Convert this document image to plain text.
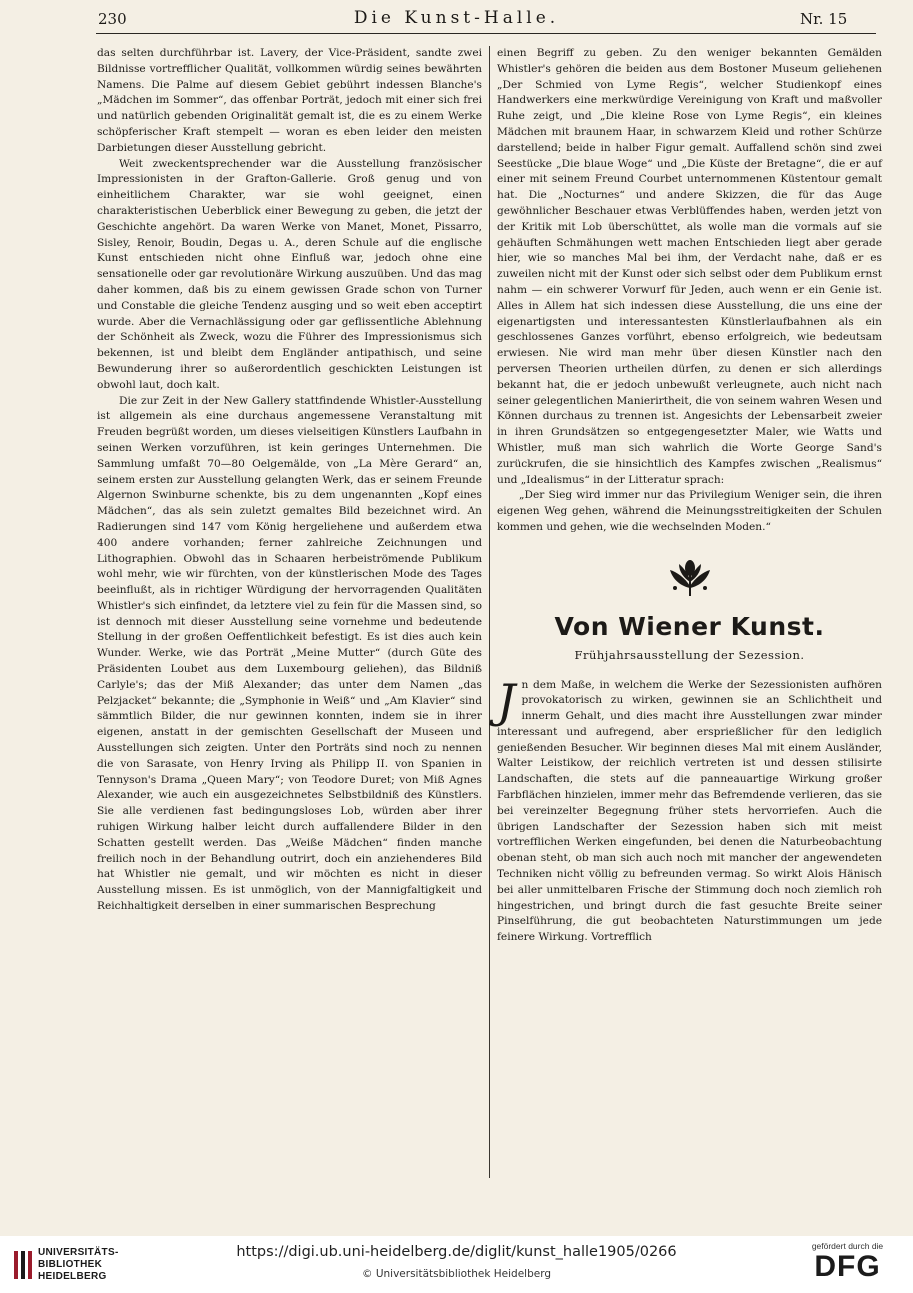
230	Die Kunst-Halle.	Nr. 15

das selten durchführbar ist. Lavery, der Vice-Präsident, sandte zwei Bildnisse vortrefflicher Qualität, vollkommen würdig seines bewährten Namens. Die Palme auf diesem Gebiet gebührt indessen Blanche's „Mädchen im Sommer“, das offenbar Porträt, jedoch mit einer sich frei und natürlich gebenden Originalität gemalt ist, die es zu einem Werke schöpferischer Kraft stempelt — woran es eben leider den meisten Darbietungen dieser Ausstellung gebricht.

Weit zweckentsprechender war die Ausstellung französischer Impressionisten in der Grafton-Gallerie. Groß genug und von einheitlichem Charakter, war sie wohl geeignet, einen charakteristischen Ueberblick einer Bewegung zu geben, die jetzt der Geschichte angehört. Da waren Werke von Manet, Monet, Pissarro, Sisley, Renoir, Boudin, Degas u. A., deren Schule auf die englische Kunst entschieden nicht ohne Einfluß war, jedoch ohne eine sensationelle oder gar revolutionäre Wirkung auszuüben. Und das mag daher kommen, daß bis zu einem gewissen Grade schon von Turner und Constable die gleiche Tendenz ausging und so weit eben acceptirt wurde. Aber die Vernachlässigung oder gar geflissentliche Ablehnung der Schönheit als Zweck, wozu die Führer des Impressionismus sich bekennen, ist und bleibt dem Engländer antipathisch, und seine Bewunderung ihrer so außerordentlich geschickten Leistungen ist obwohl laut, doch kalt.

Die zur Zeit in der New Gallery stattfindende Whistler-Ausstellung ist allgemein als eine durchaus angemessene Veranstaltung mit Freuden begrüßt worden, um dieses vielseitigen Künstlers Laufbahn in seinen Werken vorzuführen, ist kein geringes Unternehmen. Die Sammlung umfaßt 70—80 Oelgemälde, von „La Mère Gerard“ an, seinem ersten zur Ausstellung gelangten Werk, das er seinem Freunde Algernon Swinburne schenkte, bis zu dem ungenannten „Kopf eines Mädchen“, das als sein zuletzt gemaltes Bild bezeichnet wird. An Radierungen sind 147 vom König hergeliehene und außerdem etwa 400 andere vorhanden; ferner zahlreiche Zeichnungen und Lithographien. Obwohl das in Schaaren herbeiströmende Publikum wohl mehr, wie wir fürchten, von der künstlerischen Mode des Tages beeinflußt, als in richtiger Würdigung der hervorragenden Qualitäten Whistler's sich einfindet, da letztere viel zu fein für die Massen sind, so ist dennoch mit dieser Ausstellung seine vornehme und bedeutende Stellung in der großen Oeffentlichkeit befestigt. Es ist dies auch kein Wunder. Werke, wie das Porträt „Meine Mutter“ (durch Güte des Präsidenten Loubet aus dem Luxembourg geliehen), das Bildniß Carlyle's; das der Miß Alexander; das unter dem Namen „das Pelzjacket“ bekannte; die „Symphonie in Weiß“ und „Am Klavier“ sind sämmtlich Bilder, die nur gewinnen konnten, indem sie in ihrer eigenen, anstatt in der gemischten Gesellschaft der Museen und Ausstellungen sich zeigten. Unter den Porträts sind noch zu nennen die von Sarasate, von Henry Irving als Philipp II. von Spanien in Tennyson's Drama „Queen Mary“; von Teodore Duret; von Miß Agnes Alexander, wie auch ein ausgezeichnetes Selbstbildniß des Künstlers. Sie alle verdienen fast bedingungsloses Lob, würden aber ihrer ruhigen Wirkung halber leicht durch auffallendere Bilder in den Schatten gestellt werden. Das „Weiße Mädchen“ finden manche freilich noch in der Behandlung outrirt, doch ein anziehenderes Bild hat Whistler nie gemalt, und wir möchten es nicht in dieser Ausstellung missen. Es ist unmöglich, von der Mannigfaltigkeit und Reichhaltigkeit derselben in einer summarischen Besprechung

einen Begriff zu geben. Zu den weniger bekannten Gemälden Whistler's gehören die beiden aus dem Bostoner Museum geliehenen „Der Schmied von Lyme Regis“, welcher Studienkopf eines Handwerkers eine merkwürdige Vereinigung von Kraft und maßvoller Ruhe zeigt, und „Die kleine Rose von Lyme Regis“, ein kleines Mädchen mit braunem Haar, in schwarzem Kleid und rother Schürze darstellend; beide in halber Figur gemalt. Auffallend schön sind zwei Seestücke „Die blaue Woge“ und „Die Küste der Bretagne“, die er auf einer mit seinem Freund Courbet unternommenen Küstentour gemalt hat. Die „Nocturnes“ und andere Skizzen, die für das Auge gewöhnlicher Beschauer etwas Verblüffendes haben, werden jetzt von der Kritik mit Lob überschüttet, als wolle man die vormals auf sie gehäuften Schmähungen wett machen Entschieden liegt aber gerade hier, wie so manches Mal bei ihm, der Verdacht nahe, daß er es zuweilen nicht mit der Kunst oder sich selbst oder dem Publikum ernst nahm — ein schwerer Vorwurf für Jeden, auch wenn er ein Genie ist. Alles in Allem hat sich indessen diese Ausstellung, die uns eine der eigenartigsten und interessantesten Künstlerlaufbahnen als ein geschlossenes Ganzes vorführt, ebenso erfolgreich, wie bedeutsam erwiesen. Nie wird man mehr über diesen Künstler nach den perversen Theorien urtheilen dürfen, zu denen er sich allerdings bekannt hat, die er jedoch unbewußt verleugnete, auch nicht nach seiner gelegentlichen Manierirtheit, die von seinem wahren Wesen und Können durchaus zu trennen ist. Angesichts der Lebensarbeit zweier in ihren Grundsätzen so entgegengesetzter Maler, wie Watts und Whistler, muß man sich wahrlich die Worte George Sand's zurückrufen, die sie hinsichtlich des Kampfes zwischen „Realismus“ und „Idealismus“ in der Litteratur sprach:

„Der Sieg wird immer nur das Privilegium Weniger sein, die ihren eigenen Weg gehen, während die Meinungsstreitigkeiten der Schulen kommen und gehen, wie die wechselnden Moden.“

Von Wiener Kunst.
Frühjahrsausstellung der Sezession.

Jn dem Maße, in welchem die Werke der Sezessionisten aufhören provokatorisch zu wirken, gewinnen sie an Schlichtheit und innerm Gehalt, und dies macht ihre Ausstellungen zwar minder interessant und aufregend, aber ersprießlicher für den lediglich genießenden Besucher. Wir beginnen dieses Mal mit einem Ausländer, Walter Leistikow, der reichlich vertreten ist und dessen stilisirte Landschaften, die stets auf die panneauartige Wirkung großer Farbflächen hinzielen, immer mehr das Befremdende verlieren, das sie bei vereinzelter Begegnung früher stets hervorriefen. Auch die übrigen Landschafter der Sezession haben sich mit meist vortrefflichen Werken eingefunden, bei denen die Naturbeobachtung obenan steht, ob man sich auch noch mit mancher der angewendeten Techniken nicht völlig zu befreunden vermag. So wirkt Alois Hänisch bei aller unmittelbaren Frische der Stimmung doch noch ziemlich roh hingestrichen, und bringt durch die fast gesuchte Breite seiner Pinselführung, die gut beobachteten Naturstimmungen um jede feinere Wirkung. Vortrefflich

UNIVERSITÄTS-
BIBLIOTHEK
HEIDELBERG
https://digi.ub.uni-heidelberg.de/diglit/kunst_halle1905/0266
© Universitätsbibliothek Heidelberg
gefördert durch die
DFG
